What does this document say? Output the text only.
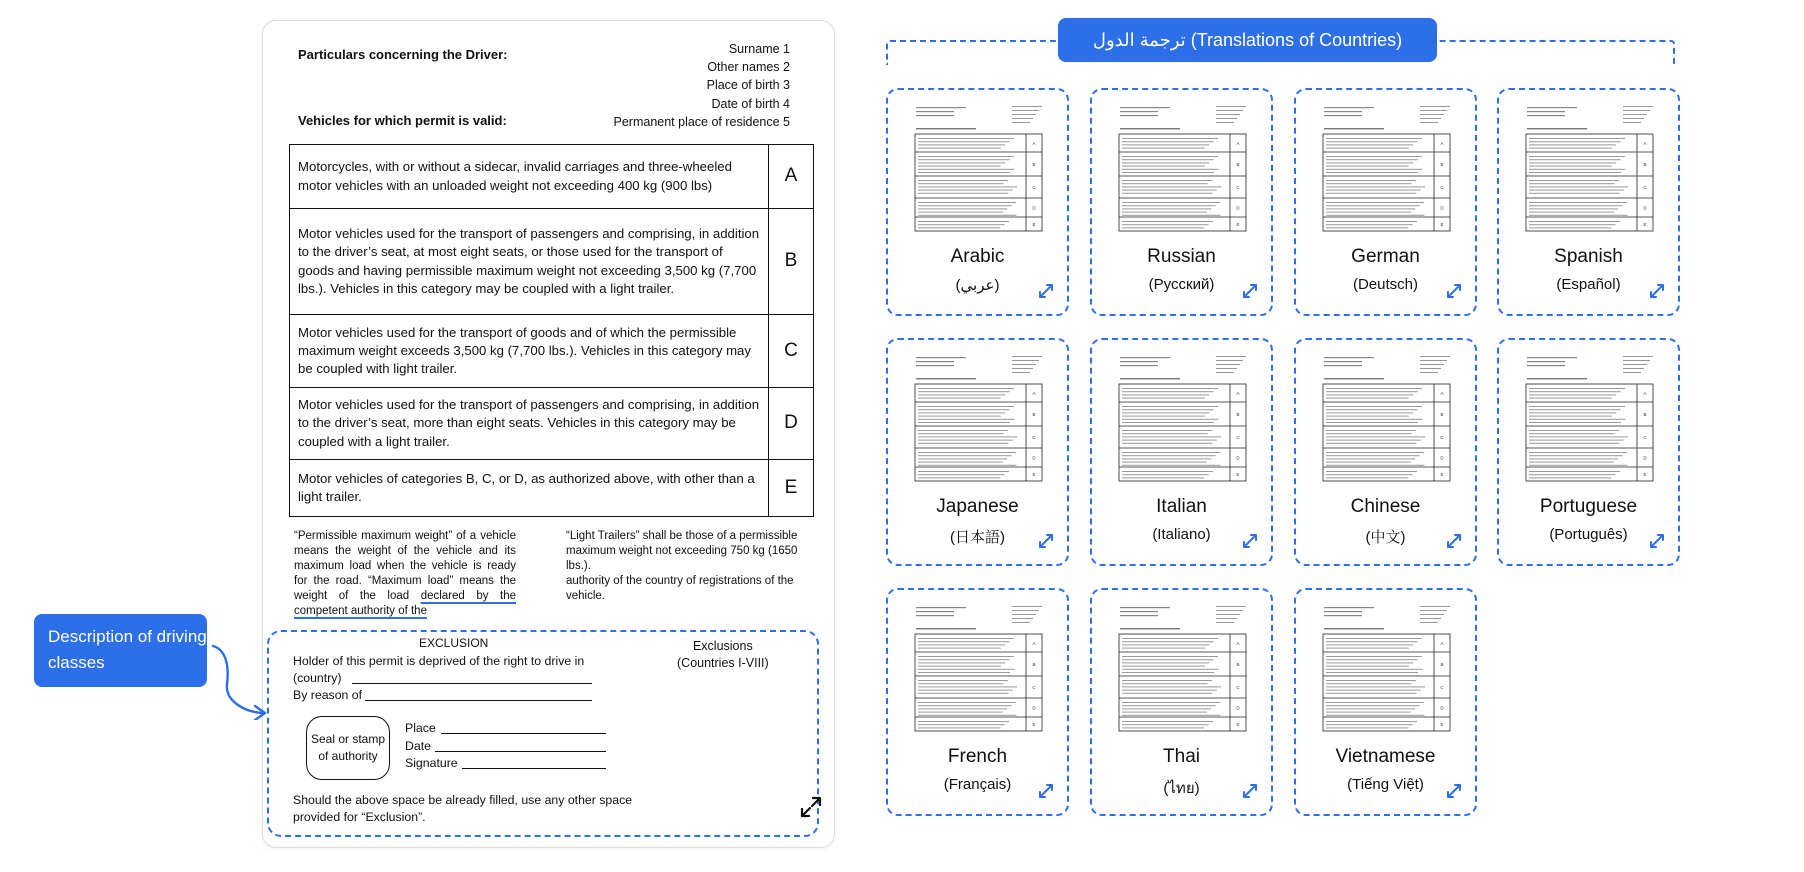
Particulars concerning the Driver:
Vehicles for which permit is valid:
Surname 1
Other names 2
Place of birth 3
Date of birth 4
Permanent place of residence 5
Motorcycles, with or without a sidecar, invalid carriages and three-wheeled motor vehicles with an unloaded weight not exceeding 400 kg (900 lbs)	A
Motor vehicles used for the transport of passengers and comprising, in addition to the driver’s seat, at most eight seats, or those used for the transport of goods and having permissible maximum weight not exceeding 3,500 kg (7,700 lbs.). Vehicles in this category may be coupled with a light trailer.	B
Motor vehicles used for the transport of goods and of which the permissible maximum weight exceeds 3,500 kg (7,700 lbs.). Vehicles in this category may be coupled with light trailer.	C
Motor vehicles used for the transport of passengers and comprising, in addition to the driver’s seat, more than eight seats. Vehicles in this category may be coupled with a light trailer.	D
Motor vehicles of categories B, C, or D, as authorized above, with other than a light trailer.	E
“Permissible maximum weight” of a vehicle means the weight of the vehicle and its maximum load when the vehicle is ready for the road. “Maximum load” means the weight of the load declared by the competent authority of the
“Light Trailers” shall be those of a permissible maximum weight not exceeding 750 kg (1650 lbs.).
authority of the country of registrations of the vehicle.
EXCLUSION	Exclusions
(Countries I-VIII)
Holder of this permit is deprived of the right to drive in
(country)
By reason of
Seal or stamp of authority
Place
Date
Signature
Should the above space be already filled, use any other space provided for “Exclusion”.
Description of driving classes
ترجمة الدول (Translations of Countries)
A
B
C
D
E
Arabic
(عربي)
A
B
C
D
E
Russian
(Русский)
A
B
C
D
E
German
(Deutsch)
A
B
C
D
E
Spanish
(Español)
A
B
C
D
E
Japanese
(日本語)
A
B
C
D
E
Italian
(Italiano)
A
B
C
D
E
Chinese
(中文)
A
B
C
D
E
Portuguese
(Português)
A
B
C
D
E
French
(Français)
A
B
C
D
E
Thai
(ไทย)
A
B
C
D
E
Vietnamese
(Tiếng Việt)
